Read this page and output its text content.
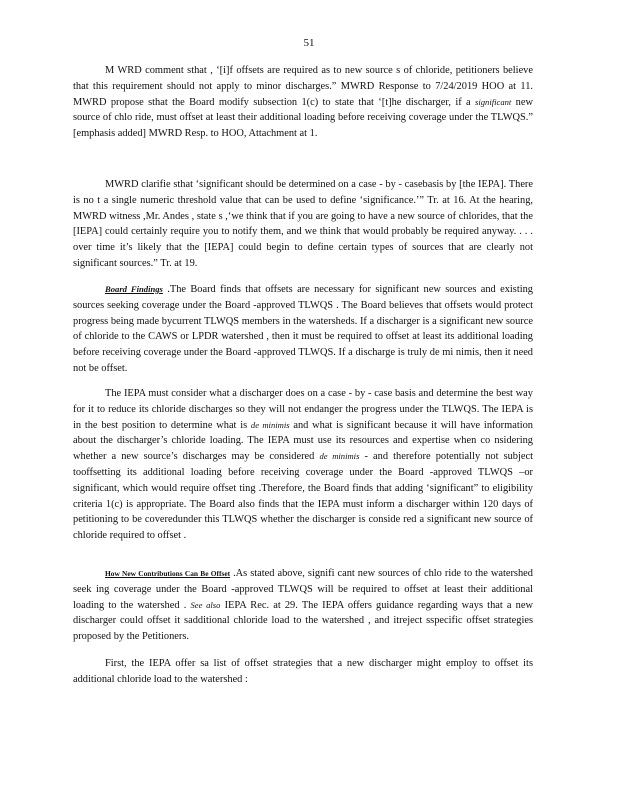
51

M WRD comment sthat , ‘[i]f offsets are required as to new source s of chloride, petitioners believe that this requirement should not apply to minor discharges.” MWRD Response to 7/24/2019 HOO at 11. MWRD propose sthat the Board modify subsection 1(c) to state that ‘[t]he discharger, if a significant new source of chlo ride, must offset at least their additional loading before receiving coverage under the TLWQS.” [emphasis added] MWRD Resp. to HOO, Attachment at 1.

MWRD clarifie sthat ‘significant should be determined on a case - by - casebasis by [the IEPA]. There is no t a single numeric threshold value that can be used to define ‘significance.’” Tr. at 16. At the hearing, MWRD witness ,Mr. Andes , state s ,‘we think that if you are going to have a new source of chlorides, that the [IEPA] could certainly require you to notify them, and we think that would probably be required anyway. . . . over time it’s likely that the [IEPA] could begin to define certain types of sources that are clearly not significant sources.” Tr. at 19.

Board Findings .The Board finds that offsets are necessary for significant new sources and existing sources seeking coverage under the Board -approved TLWQS . The Board believes that offsets would protect progress being made bycurrent TLWQS members in the watersheds. If a discharger is a significant new source of chloride to the CAWS or LPDR watershed , then it must be required to offset at least its additional loading before receiving coverage under the Board -approved TLWQS. If a discharge is truly de mi nimis, then it need not be offset.

The IEPA must consider what a discharger does on a case - by - case basis and determine the best way for it to reduce its chloride discharges so they will not endanger the progress under the TLWQS. The IEPA is in the best position to determine what is de minimis and what is significant because it will have information about the discharger’s chloride loading. The IEPA must use its resources and expertise when co nsidering whether a new source’s discharges may be considered de minimis - and therefore potentially not subject tooffsetting its additional loading before receiving coverage under the Board -approved TLWQS –or significant, which would require offset ting .Therefore, the Board finds that adding ‘significant” to eligibility criteria 1(c) is appropriate. The Board also finds that the IEPA must inform a discharger within 120 days of petitioning to be coveredunder this TLWQS whether the discharger is conside red a significant new source of chloride required to offset .

How New Contributions Can Be Offset .As stated above, signifi cant new sources of chlo ride to the watershed seek ing coverage under the Board -approved TLWQS will be required to offset at least their additional loading to the watershed . See also IEPA Rec. at 29. The IEPA offers guidance regarding ways that a new discharger could offset it sadditional chloride load to the watershed , and itreject sspecific offset strategies proposed by the Petitioners.

First, the IEPA offer sa list of offset strategies that a new discharger might employ to offset its additional chloride load to the watershed :
